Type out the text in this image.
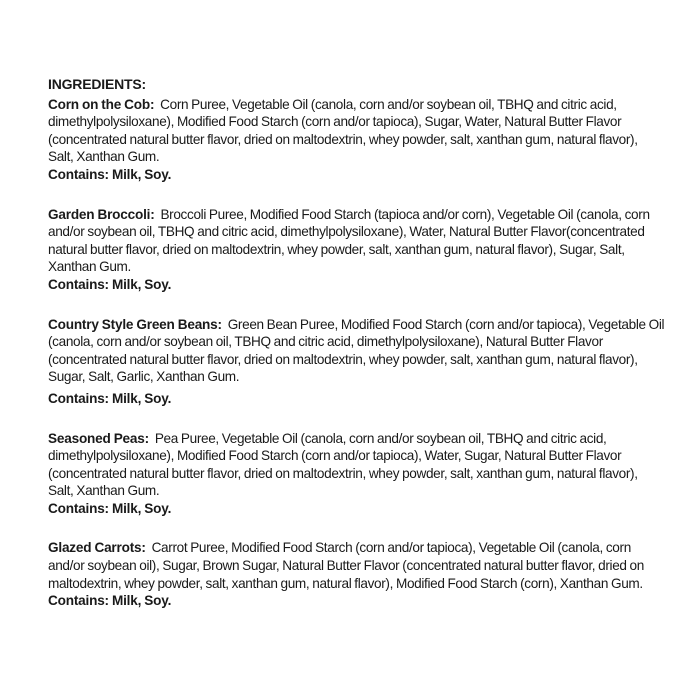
INGREDIENTS:

Corn on the Cob: Corn Puree, Vegetable Oil (canola, corn and/or soybean oil, TBHQ and citric acid, dimethylpolysiloxane), Modified Food Starch (corn and/or tapioca), Sugar, Water, Natural Butter Flavor (concentrated natural butter flavor, dried on maltodextrin, whey powder, salt, xanthan gum, natural flavor), Salt, Xanthan Gum.

Contains: Milk, Soy.

Garden Broccoli: Broccoli Puree, Modified Food Starch (tapioca and/or corn), Vegetable Oil (canola, corn and/or soybean oil, TBHQ and citric acid, dimethylpolysiloxane), Water, Natural Butter Flavor(concentrated natural butter flavor, dried on maltodextrin, whey powder, salt, xanthan gum, natural flavor), Sugar, Salt, Xanthan Gum.

Contains: Milk, Soy.

Country Style Green Beans: Green Bean Puree, Modified Food Starch (corn and/or tapioca), Vegetable Oil (canola, corn and/or soybean oil, TBHQ and citric acid, dimethylpolysiloxane), Natural Butter Flavor (concentrated natural butter flavor, dried on maltodextrin, whey powder, salt, xanthan gum, natural flavor), Sugar, Salt, Garlic, Xanthan Gum.

Contains: Milk, Soy.

Seasoned Peas: Pea Puree, Vegetable Oil (canola, corn and/or soybean oil, TBHQ and citric acid, dimethylpolysiloxane), Modified Food Starch (corn and/or tapioca), Water, Sugar, Natural Butter Flavor (concentrated natural butter flavor, dried on maltodextrin, whey powder, salt, xanthan gum, natural flavor), Salt, Xanthan Gum.

Contains: Milk, Soy.

Glazed Carrots: Carrot Puree, Modified Food Starch (corn and/or tapioca), Vegetable Oil (canola, corn and/or soybean oil), Sugar, Brown Sugar, Natural Butter Flavor (concentrated natural butter flavor, dried on maltodextrin, whey powder, salt, xanthan gum, natural flavor), Modified Food Starch (corn), Xanthan Gum.

Contains: Milk, Soy.
